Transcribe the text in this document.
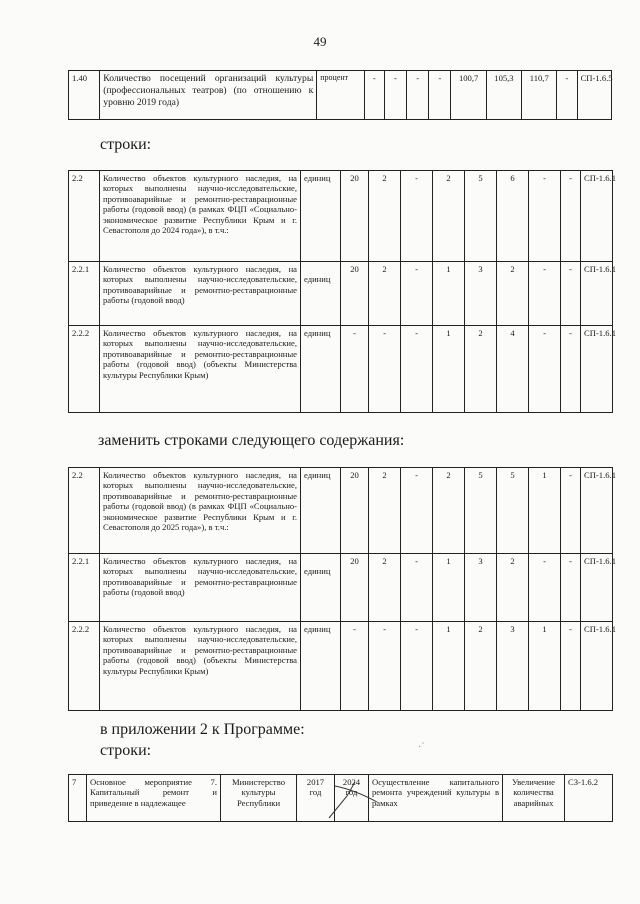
49
1.40	Количество посещений организаций культуры (профессиональных театров) (по отношению к уровню 2019 года)	процент	-	-	-	-	100,7	105,3	110,7	-	СП-1.6.5
строки:
2.2	Количество объектов культурного наследия, на которых выполнены научно-исследовательские, противоаварийные и ремонтно-реставрационные работы (годовой ввод) (в рамках ФЦП «Социально-экономическое развитие Республики Крым и г. Севастополя до 2024 года»), в т.ч.:	единиц	20	2	-	2	5	6	-	-	СП-1.6.1
2.2.1	Количество объектов культурного наследия, на которых выполнены научно-исследовательские, противоаварийные и ремонтно-реставрационные работы (годовой ввод)	единиц	20	2	-	1	3	2	-	-	СП-1.6.1
2.2.2	Количество объектов культурного наследия, на которых выполнены научно-исследовательские, противоаварийные и ремонтно-реставрационные работы (годовой ввод) (объекты Министерства культуры Республики Крым)	единиц	-	-	-	1	2	4	-	-	СП-1.6.1
заменить строками следующего содержания:
2.2	Количество объектов культурного наследия, на которых выполнены научно-исследовательские, противоаварийные и ремонтно-реставрационные работы (годовой ввод) (в рамках ФЦП «Социально-экономическое развитие Республики Крым и г. Севастополя до 2025 года»), в т.ч.:	единиц	20	2	-	2	5	5	1	-	СП-1.6.1
2.2.1	Количество объектов культурного наследия, на которых выполнены научно-исследовательские, противоаварийные и ремонтно-реставрационные работы (годовой ввод)	единиц	20	2	-	1	3	2	-	-	СП-1.6.1
2.2.2	Количество объектов культурного наследия, на которых выполнены научно-исследовательские, противоаварийные и ремонтно-реставрационные работы (годовой ввод) (объекты Министерства культуры Республики Крым)	единиц	-	-	-	1	2	3	1	-	СП-1.6.1
в приложении 2 к Программе:
строки:
7	Основное мероприятие 7. Капитальный ремонт и приведение в надлежащее	Министерство культуры Республики	2017 год	2024 год	Осуществление капитального ремонта учреждений культуры в рамках	Увеличение количества аварийных	СЗ-1.6.2
·´
